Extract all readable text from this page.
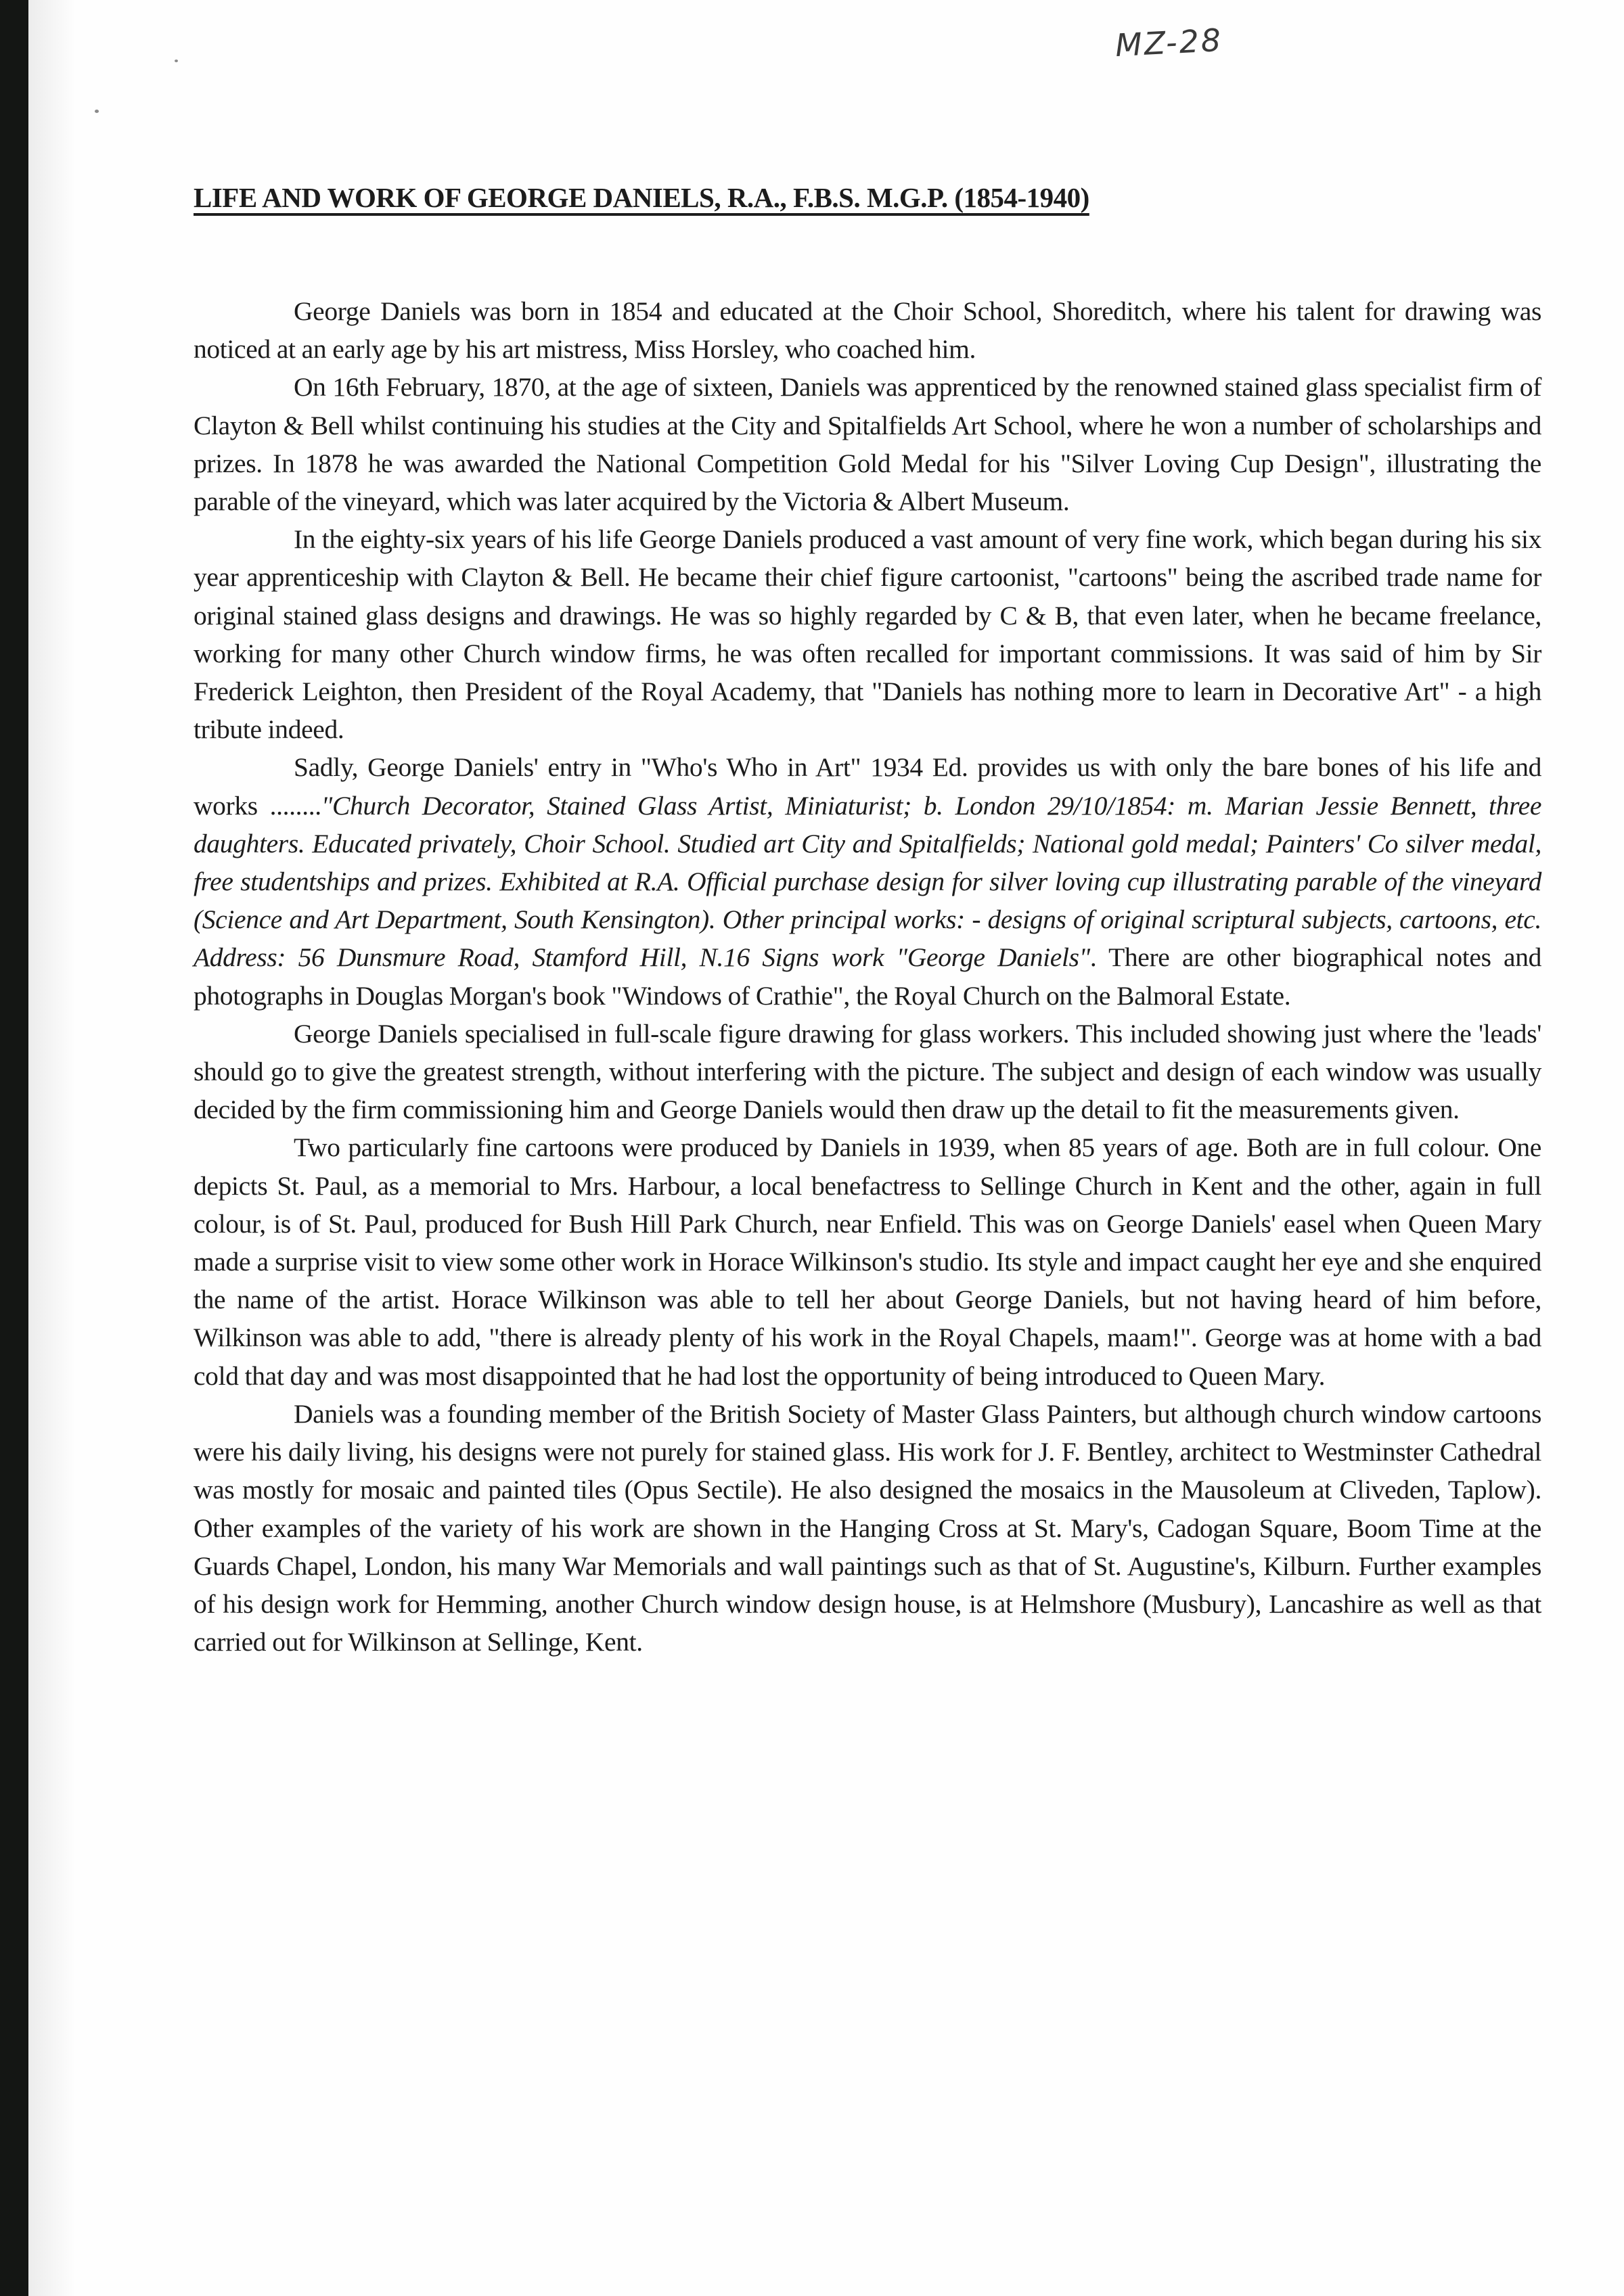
MZ-28
LIFE AND WORK OF GEORGE DANIELS, R.A., F.B.S. M.G.P. (1854-1940)

George Daniels was born in 1854 and educated at the Choir School, Shoreditch, where his talent for drawing was noticed at an early age by his art mistress, Miss Horsley, who coached him.

On 16th February, 1870, at the age of sixteen, Daniels was apprenticed by the renowned stained glass specialist firm of Clayton & Bell whilst continuing his studies at the City and Spitalfields Art School, where he won a number of scholarships and prizes. In 1878 he was awarded the National Competition Gold Medal for his "Silver Loving Cup Design", illustrating the parable of the vineyard, which was later acquired by the Victoria & Albert Museum.

In the eighty-six years of his life George Daniels produced a vast amount of very fine work, which began during his six year apprenticeship with Clayton & Bell. He became their chief figure cartoonist, "cartoons" being the ascribed trade name for original stained glass designs and drawings. He was so highly regarded by C & B, that even later, when he became freelance, working for many other Church window firms, he was often recalled for important commissions. It was said of him by Sir Frederick Leighton, then President of the Royal Academy, that "Daniels has nothing more to learn in Decorative Art" - a high tribute indeed.

Sadly, George Daniels' entry in "Who's Who in Art" 1934 Ed. provides us with only the bare bones of his life and works ........"Church Decorator, Stained Glass Artist, Miniaturist; b. London 29/10/1854: m. Marian Jessie Bennett, three daughters. Educated privately, Choir School. Studied art City and Spitalfields; National gold medal; Painters' Co silver medal, free studentships and prizes. Exhibited at R.A. Official purchase design for silver loving cup illustrating parable of the vineyard (Science and Art Department, South Kensington). Other principal works: - designs of original scriptural subjects, cartoons, etc. Address: 56 Dunsmure Road, Stamford Hill, N.16 Signs work "George Daniels". There are other biographical notes and photographs in Douglas Morgan's book "Windows of Crathie", the Royal Church on the Balmoral Estate.

George Daniels specialised in full-scale figure drawing for glass workers. This included showing just where the 'leads' should go to give the greatest strength, without interfering with the picture. The subject and design of each window was usually decided by the firm commissioning him and George Daniels would then draw up the detail to fit the measurements given.

Two particularly fine cartoons were produced by Daniels in 1939, when 85 years of age. Both are in full colour. One depicts St. Paul, as a memorial to Mrs. Harbour, a local benefactress to Sellinge Church in Kent and the other, again in full colour, is of St. Paul, produced for Bush Hill Park Church, near Enfield. This was on George Daniels' easel when Queen Mary made a surprise visit to view some other work in Horace Wilkinson's studio. Its style and impact caught her eye and she enquired the name of the artist. Horace Wilkinson was able to tell her about George Daniels, but not having heard of him before, Wilkinson was able to add, "there is already plenty of his work in the Royal Chapels, maam!". George was at home with a bad cold that day and was most disappointed that he had lost the opportunity of being introduced to Queen Mary.

Daniels was a founding member of the British Society of Master Glass Painters, but although church window cartoons were his daily living, his designs were not purely for stained glass. His work for J. F. Bentley, architect to Westminster Cathedral was mostly for mosaic and painted tiles (Opus Sectile). He also designed the mosaics in the Mausoleum at Cliveden, Taplow). Other examples of the variety of his work are shown in the Hanging Cross at St. Mary's, Cadogan Square, Boom Time at the Guards Chapel, London, his many War Memorials and wall paintings such as that of St. Augustine's, Kilburn. Further examples of his design work for Hemming, another Church window design house, is at Helmshore (Musbury), Lancashire as well as that carried out for Wilkinson at Sellinge, Kent.
